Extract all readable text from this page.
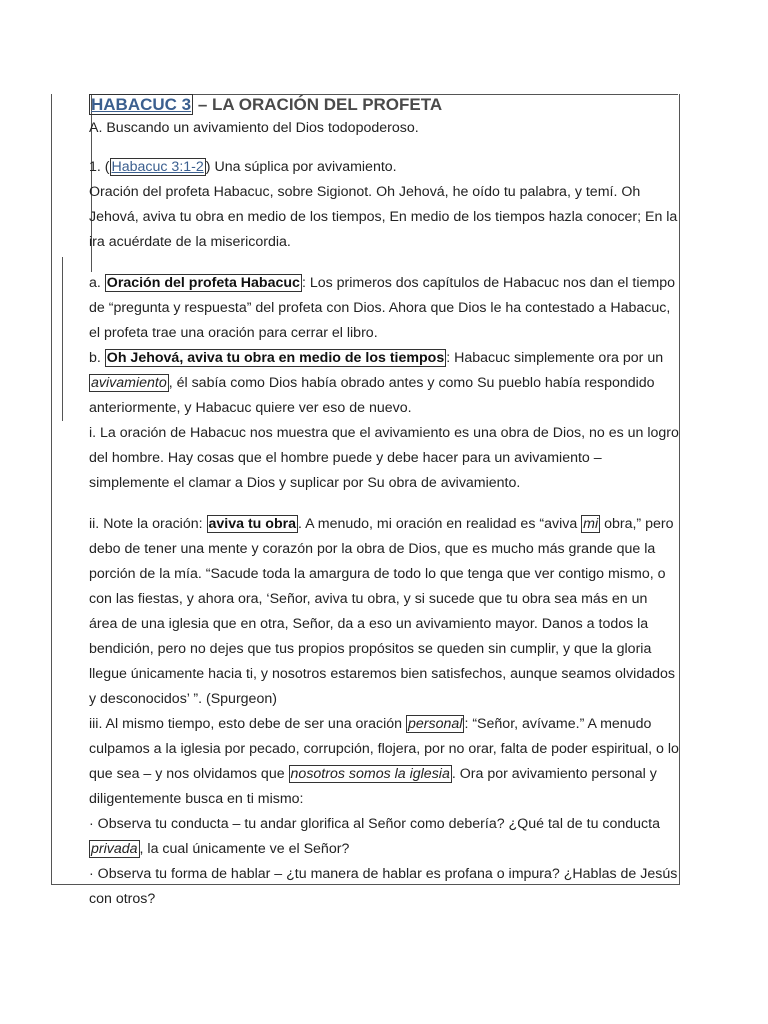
HABACUC 3 – LA ORACIÓN DEL PROFETA

A. Buscando un avivamiento del Dios todopoderoso.

1. ( Habacuc 3:1-2 ) Una súplica por avivamiento.

Oración del profeta Habacuc, sobre Sigionot. Oh Jehová, he oído tu palabra, y temí. Oh Jehová, aviva tu obra en medio de los tiempos, En medio de los tiempos hazla conocer; En la ira acuérdate de la misericordia.

a. Oración del profeta Habacuc : Los primeros dos capítulos de Habacuc nos dan el tiempo de “pregunta y respuesta” del profeta con Dios. Ahora que Dios le ha contestado a Habacuc, el profeta trae una oración para cerrar el libro.

b. Oh Jehová, aviva tu obra en medio de los tiempos : Habacuc simplemente ora por un avivamiento , él sabía como Dios había obrado antes y como Su pueblo había respondido anteriormente, y Habacuc quiere ver eso de nuevo.

i. La oración de Habacuc nos muestra que el avivamiento es una obra de Dios, no es un logro del hombre. Hay cosas que el hombre puede y debe hacer para un avivamiento – simplemente el clamar a Dios y suplicar por Su obra de avivamiento.

ii. Note la oración: aviva tu obra . A menudo, mi oración en realidad es “aviva mi obra,” pero debo de tener una mente y corazón por la obra de Dios, que es mucho más grande que la porción de la mía. “Sacude toda la amargura de todo lo que tenga que ver contigo mismo, o con las fiestas, y ahora ora, ‘Señor, aviva tu obra, y si sucede que tu obra sea más en un área de una iglesia que en otra, Señor, da a eso un avivamiento mayor. Danos a todos la bendición, pero no dejes que tus propios propósitos se queden sin cumplir, y que la gloria llegue únicamente hacia ti, y nosotros estaremos bien satisfechos, aunque seamos olvidados y desconocidos’ ”. (Spurgeon)

iii. Al mismo tiempo, esto debe de ser una oración personal : “Señor, avívame.” A menudo culpamos a la iglesia por pecado, corrupción, flojera, por no orar, falta de poder espiritual, o lo que sea – y nos olvidamos que nosotros somos la iglesia . Ora por avivamiento personal y diligentemente busca en ti mismo:

· Observa tu conducta – tu andar glorifica al Señor como debería? ¿Qué tal de tu conducta privada , la cual únicamente ve el Señor?

· Observa tu forma de hablar – ¿tu manera de hablar es profana o impura? ¿Hablas de Jesús con otros?
